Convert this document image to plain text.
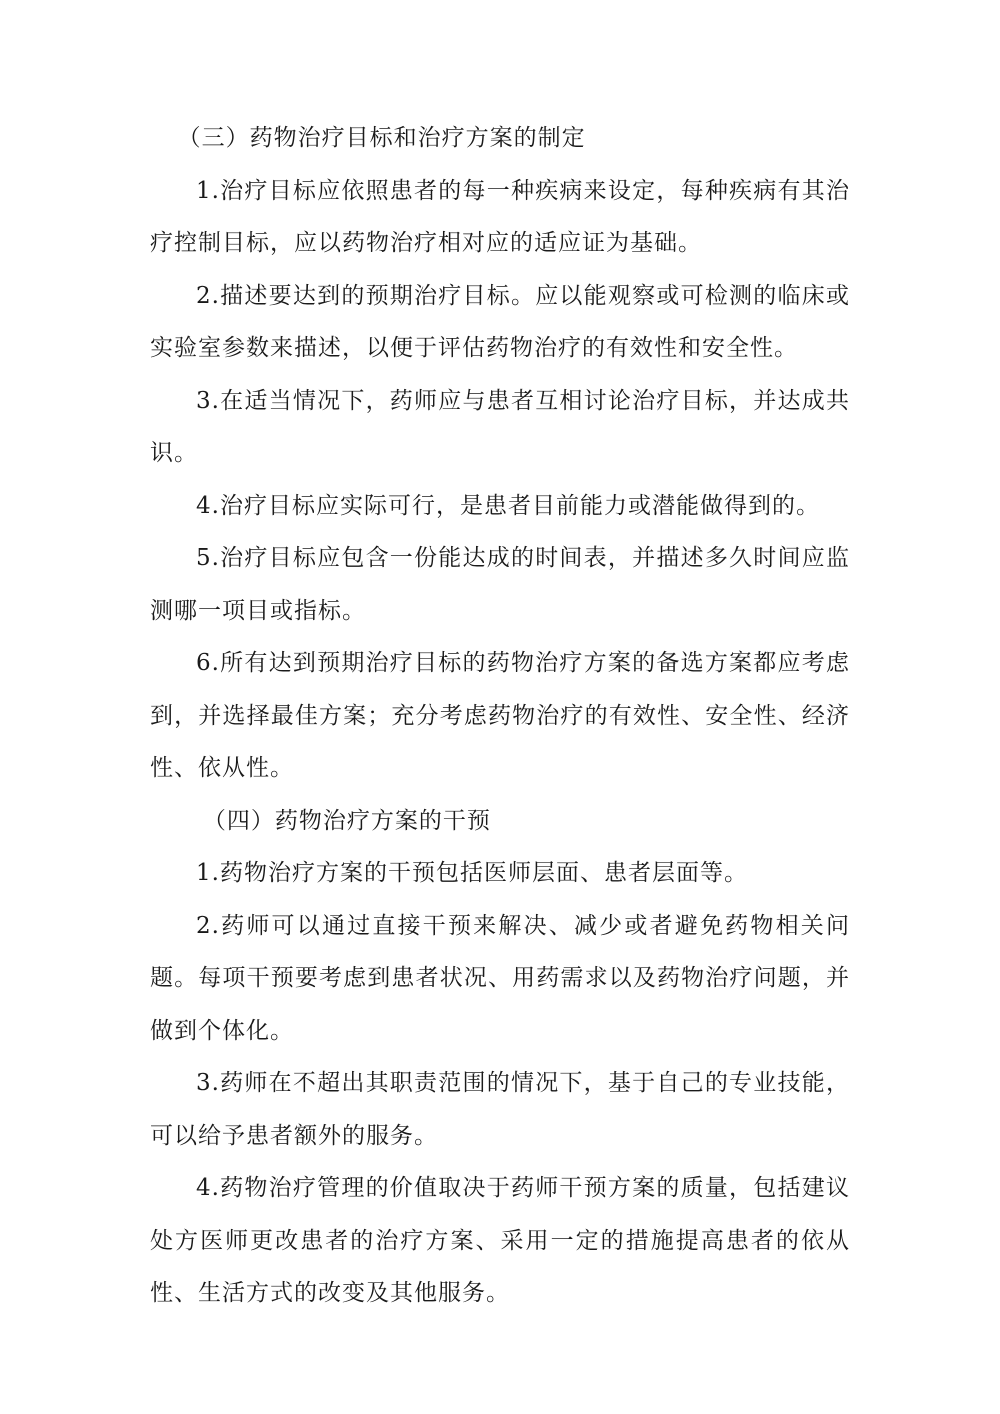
（三）药物治疗目标和治疗方案的制定

1.治疗目标应依照患者的每一种疾病来设定，每种疾病有其治疗控制目标，应以药物治疗相对应的适应证为基础。

2.描述要达到的预期治疗目标。应以能观察或可检测的临床或实验室参数来描述，以便于评估药物治疗的有效性和安全性。

3.在适当情况下，药师应与患者互相讨论治疗目标，并达成共识。

4.治疗目标应实际可行，是患者目前能力或潜能做得到的。

5.治疗目标应包含一份能达成的时间表，并描述多久时间应监测哪一项目或指标。

6.所有达到预期治疗目标的药物治疗方案的备选方案都应考虑到，并选择最佳方案；充分考虑药物治疗的有效性、安全性、经济性、依从性。

（四）药物治疗方案的干预

1.药物治疗方案的干预包括医师层面、患者层面等。

2.药师可以通过直接干预来解决、减少或者避免药物相关问题。每项干预要考虑到患者状况、用药需求以及药物治疗问题，并做到个体化。

3.药师在不超出其职责范围的情况下，基于自己的专业技能，可以给予患者额外的服务。

4.药物治疗管理的价值取决于药师干预方案的质量，包括建议处方医师更改患者的治疗方案、采用一定的措施提高患者的依从性、生活方式的改变及其他服务。
